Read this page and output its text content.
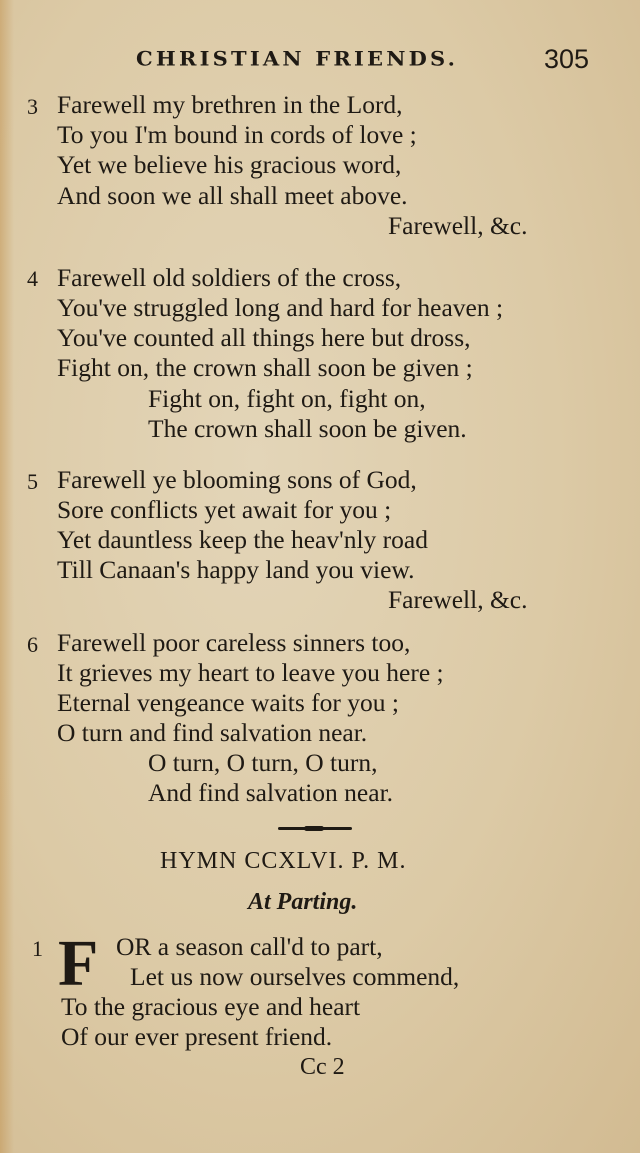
CHRISTIAN FRIENDS.	305
3 Farewell my brethren in the Lord,
To you I'm bound in cords of love ;
Yet we believe his gracious word,
And soon we all shall meet above.
Farewell, &c.
4 Farewell old soldiers of the cross,
You've struggled long and hard for heaven ;
You've counted all things here but dross,
Fight on, the crown shall soon be given ;
Fight on, fight on, fight on,
The crown shall soon be given.
5 Farewell ye blooming sons of God,
Sore conflicts yet await for you ;
Yet dauntless keep the heav'nly road
Till Canaan's happy land you view.
Farewell, &c.
6 Farewell poor careless sinners too,
It grieves my heart to leave you here ;
Eternal vengeance waits for you ;
O turn and find salvation near.
O turn, O turn, O turn,
And find salvation near.
HYMN CCXLVI. P. M.
At Parting.
1 F OR a season call'd to part,
Let us now ourselves commend,
To the gracious eye and heart
Of our ever present friend.
Cc 2
